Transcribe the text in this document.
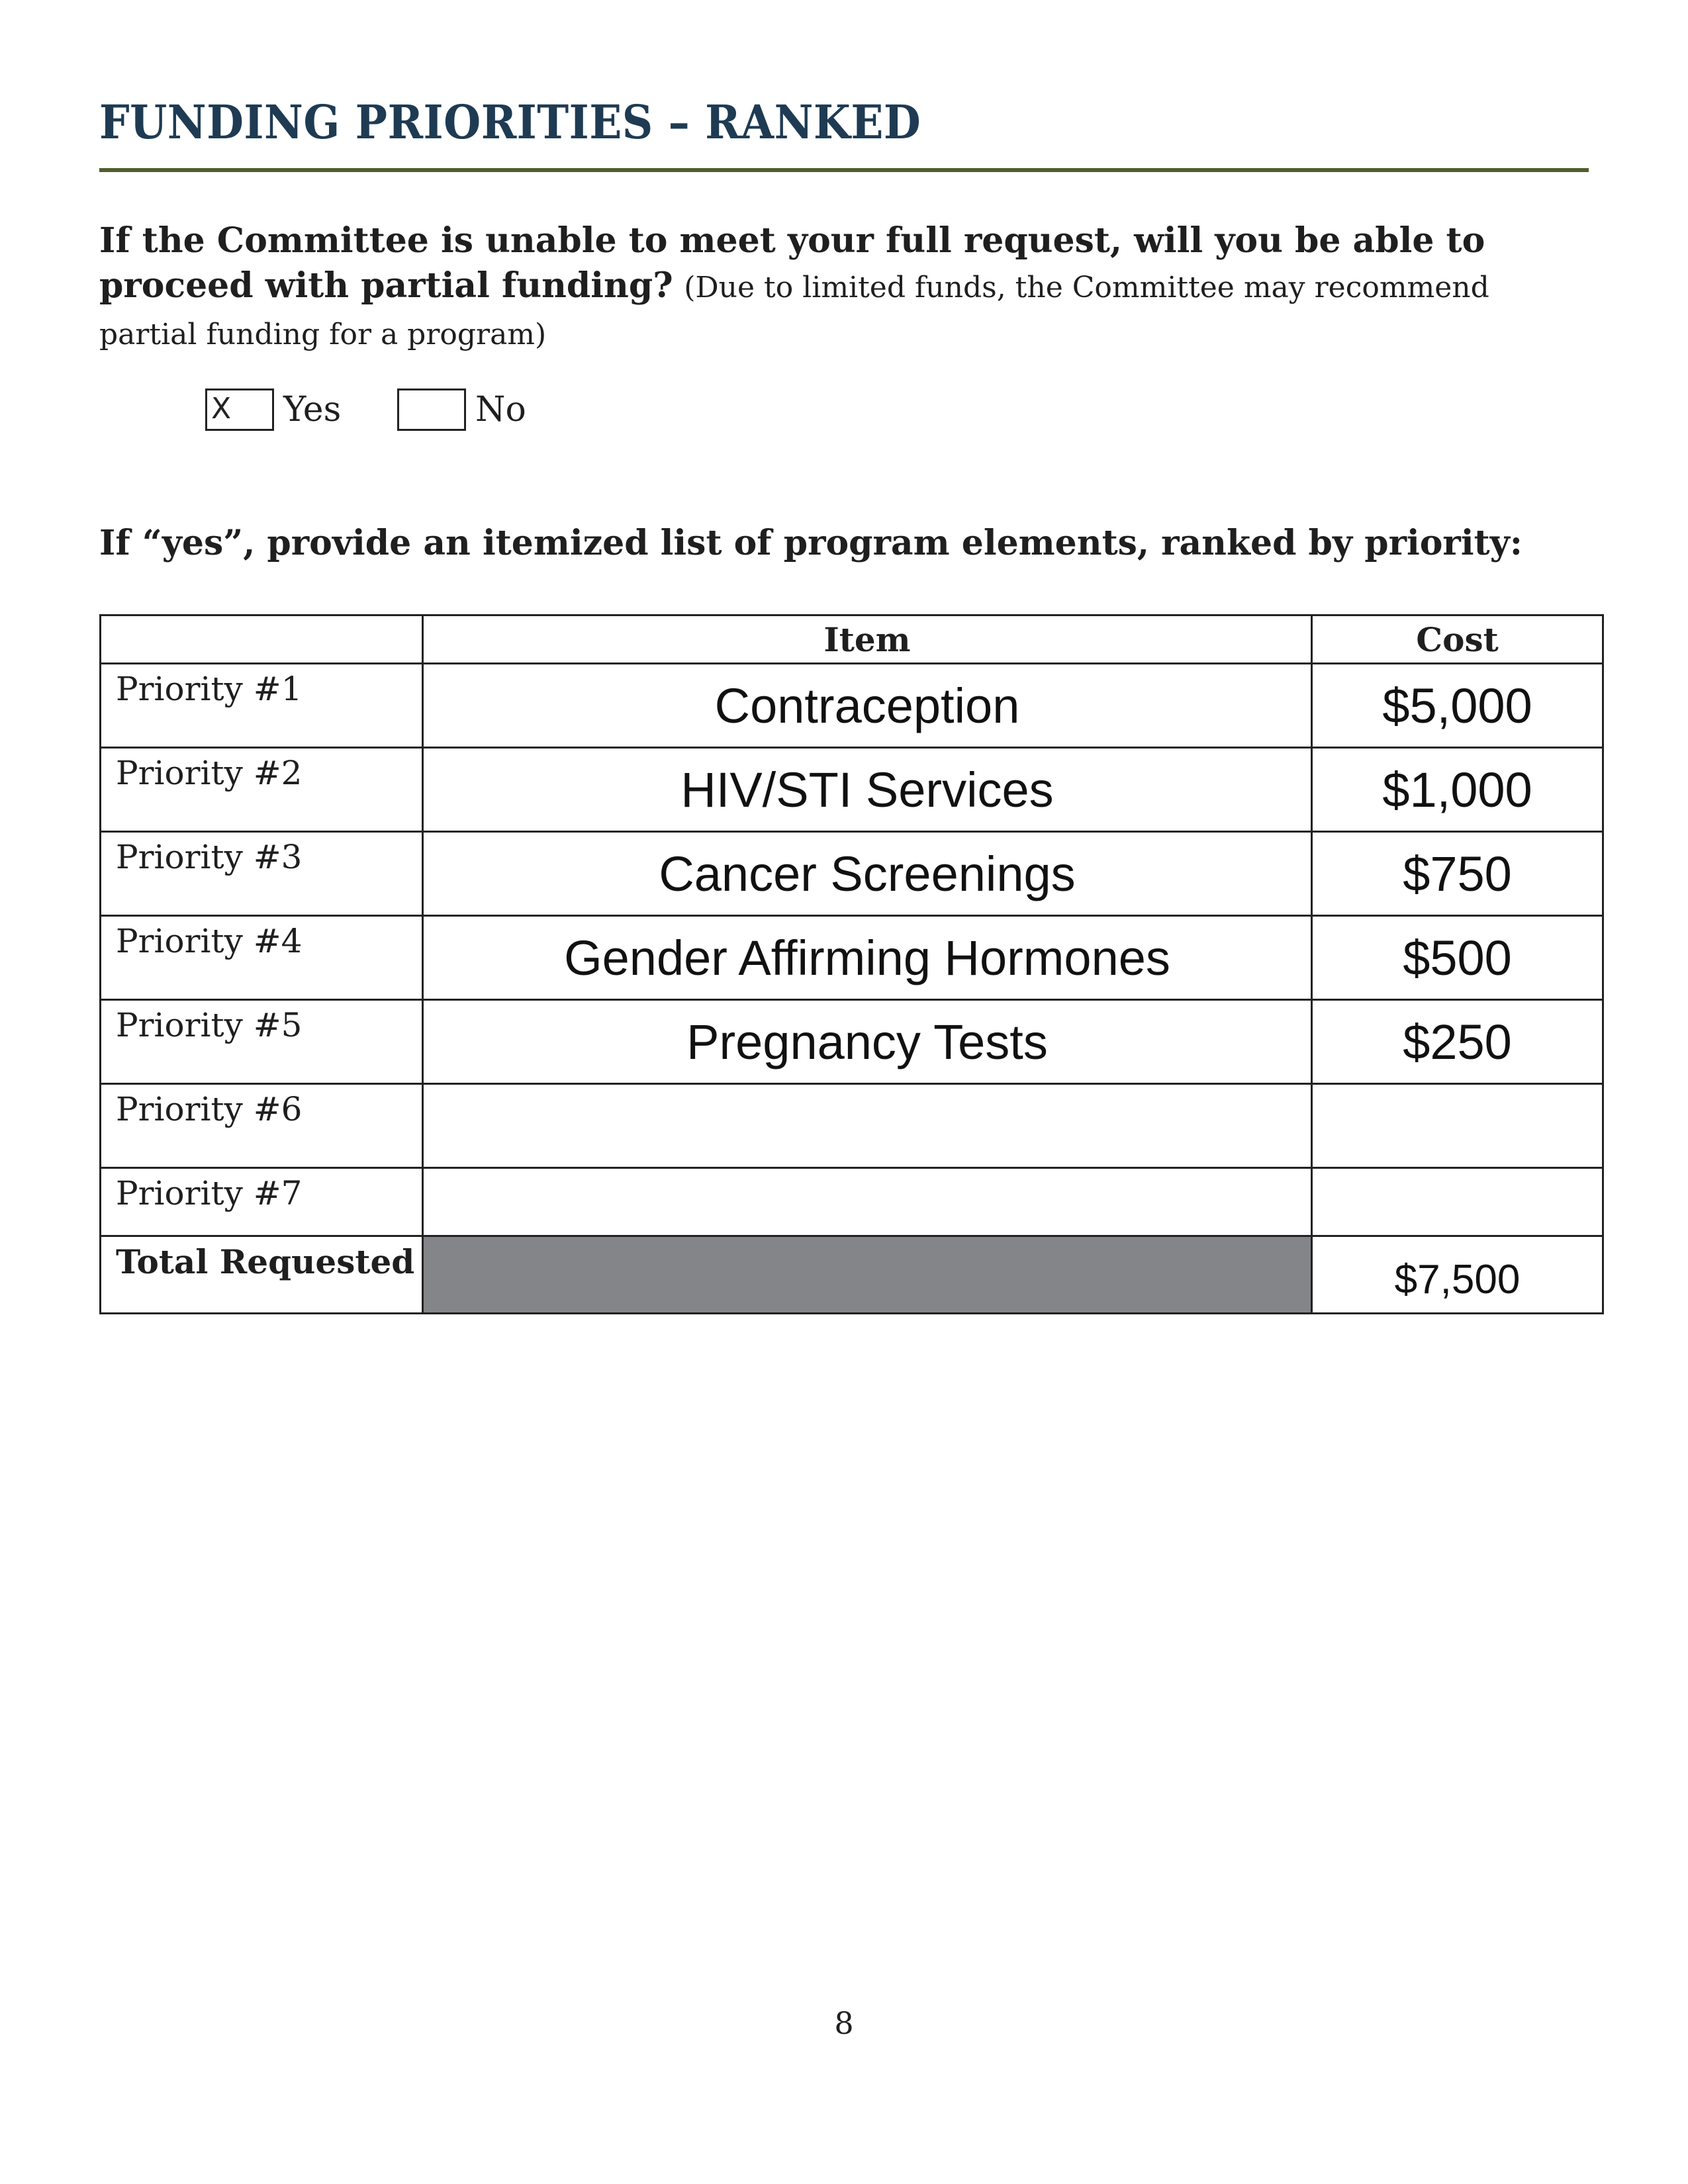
FUNDING PRIORITIES – RANKED
If the Committee is unable to meet your full request, will you be able to proceed with partial funding? (Due to limited funds, the Committee may recommend partial funding for a program)
X	Yes	No
If “yes”, provide an itemized list of program elements, ranked by priority:
	Item	Cost
Priority #1	Contraception	$5,000
Priority #2	HIV/STI Services	$1,000
Priority #3	Cancer Screenings	$750
Priority #4	Gender Affirming Hormones	$500
Priority #5	Pregnancy Tests	$250
Priority #6		
Priority #7		
Total Requested		$7,500
8
